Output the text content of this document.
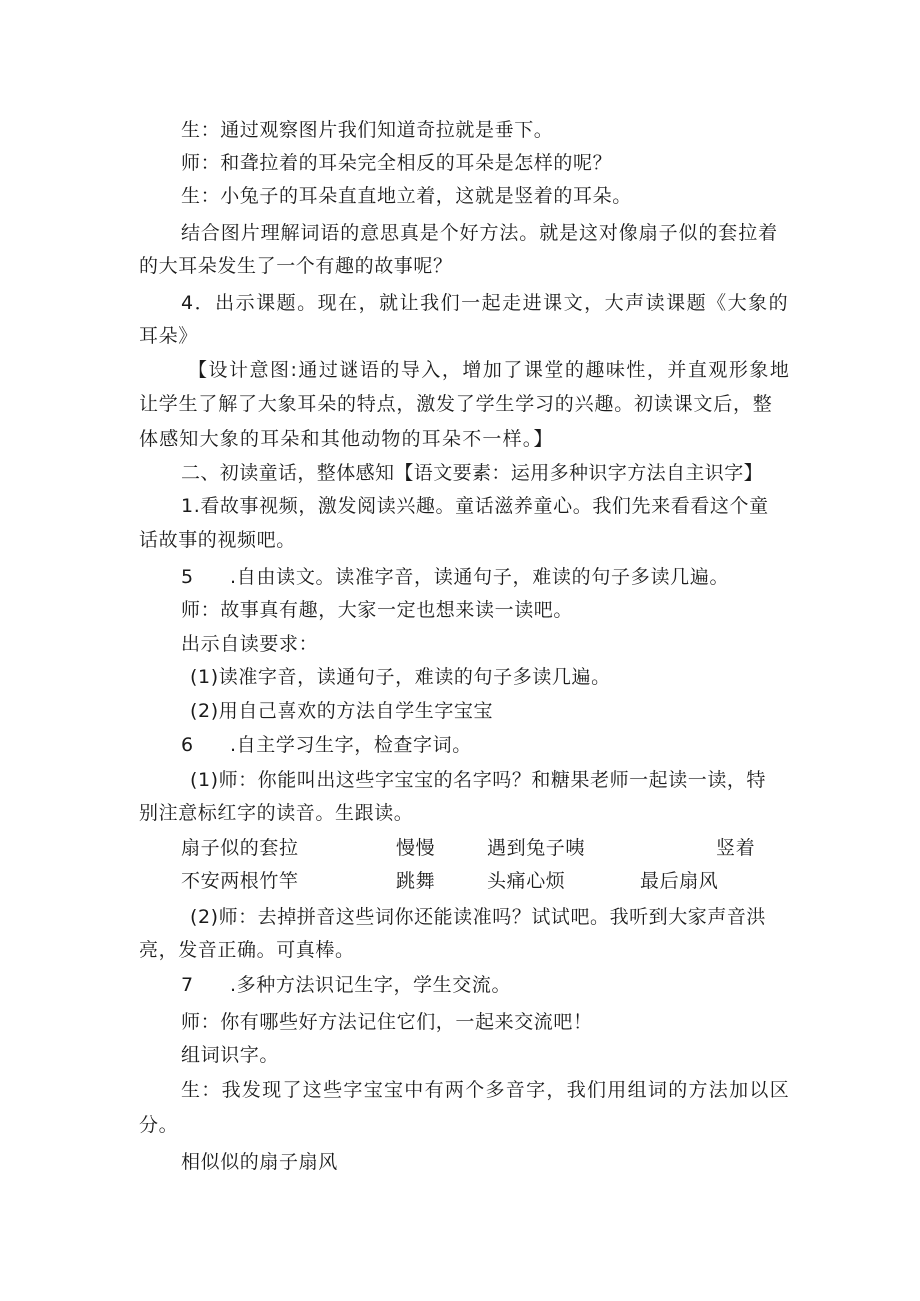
生：通过观察图片我们知道奇拉就是垂下。
师：和聋拉着的耳朵完全相反的耳朵是怎样的呢？
生：小兔子的耳朵直直地立着，这就是竖着的耳朵。
结合图片理解词语的意思真是个好方法。就是这对像扇子似的套拉着
的大耳朵发生了一个有趣的故事呢？
4．出示课题。现在，就让我们一起走进课文，大声读课题《大象的
耳朵》
【设计意图:通过谜语的导入，增加了课堂的趣味性，并直观形象地
让学生了解了大象耳朵的特点，激发了学生学习的兴趣。初读课文后，整
体感知大象的耳朵和其他动物的耳朵不一样。】
二、初读童话，整体感知【语文要素：运用多种识字方法自主识字】
1.看故事视频，激发阅读兴趣。童话滋养童心。我们先来看看这个童
话故事的视频吧。
5 .自由读文。读准字音，读通句子，难读的句子多读几遍。
师：故事真有趣，大家一定也想来读一读吧。
出示自读要求：
(1)读准字音，读通句子，难读的句子多读几遍。
(2)用自己喜欢的方法自学生字宝宝
6 .自主学习生字，检查字词。
(1)师：你能叫出这些字宝宝的名字吗？和糖果老师一起读一读，特
别注意标红字的读音。生跟读。
扇子似的套拉	慢慢	遇到兔子咦	竖着
不安两根竹竿	跳舞	头痛心烦	最后扇风
(2)师：去掉拼音这些词你还能读准吗？试试吧。我听到大家声音洪
亮，发音正确。可真棒。
7 .多种方法识记生字，学生交流。
师：你有哪些好方法记住它们，一起来交流吧！
组词识字。
生：我发现了这些字宝宝中有两个多音字，我们用组词的方法加以区
分。
相似似的扇子扇风
